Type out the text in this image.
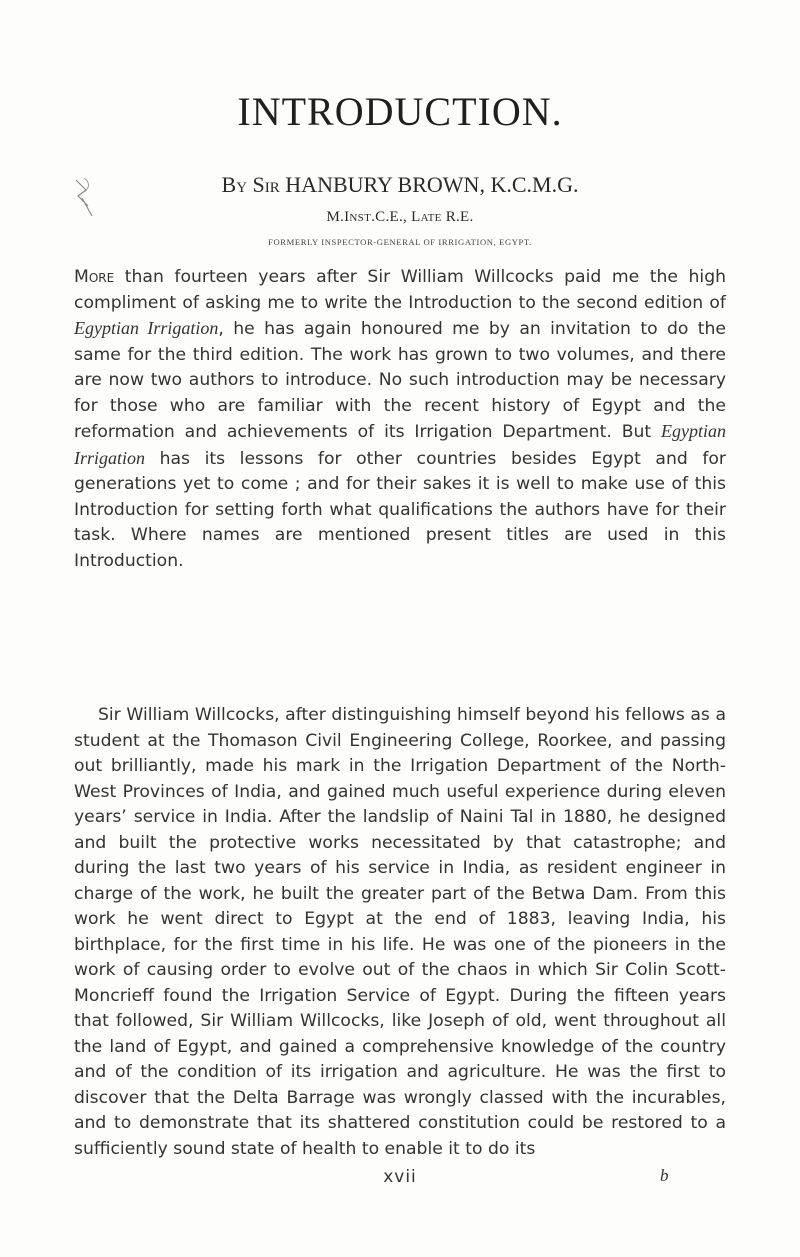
INTRODUCTION.
By Sir HANBURY BROWN, K.C.M.G.
M.Inst.C.E., Late R.E.
FORMERLY INSPECTOR-GENERAL OF IRRIGATION, EGYPT.

More than fourteen years after Sir William Willcocks paid me the high compliment of asking me to write the Introduction to the second edition of Egyptian Irrigation, he has again honoured me by an invitation to do the same for the third edition. The work has grown to two volumes, and there are now two authors to introduce. No such introduction may be necessary for those who are familiar with the recent history of Egypt and the reformation and achievements of its Irrigation Department. But Egyptian Irrigation has its lessons for other countries besides Egypt and for generations yet to come ; and for their sakes it is well to make use of this Introduction for setting forth what qualifications the authors have for their task. Where names are mentioned present titles are used in this Introduction.

Sir William Willcocks, after distinguishing himself beyond his fellows as a student at the Thomason Civil Engineering College, Roorkee, and passing out brilliantly, made his mark in the Irrigation Department of the North-West Provinces of India, and gained much useful experience during eleven years’ service in India. After the landslip of Naini Tal in 1880, he designed and built the protective works necessitated by that catastrophe; and during the last two years of his service in India, as resident engineer in charge of the work, he built the greater part of the Betwa Dam. From this work he went direct to Egypt at the end of 1883, leaving India, his birthplace, for the first time in his life. He was one of the pioneers in the work of causing order to evolve out of the chaos in which Sir Colin Scott-Moncrieff found the Irrigation Service of Egypt. During the fifteen years that followed, Sir William Willcocks, like Joseph of old, went throughout all the land of Egypt, and gained a comprehensive knowledge of the country and of the condition of its irrigation and agriculture. He was the first to discover that the Delta Barrage was wrongly classed with the incurables, and to demonstrate that its shattered constitution could be restored to a sufficiently sound state of health to enable it to do its

xvii	b
